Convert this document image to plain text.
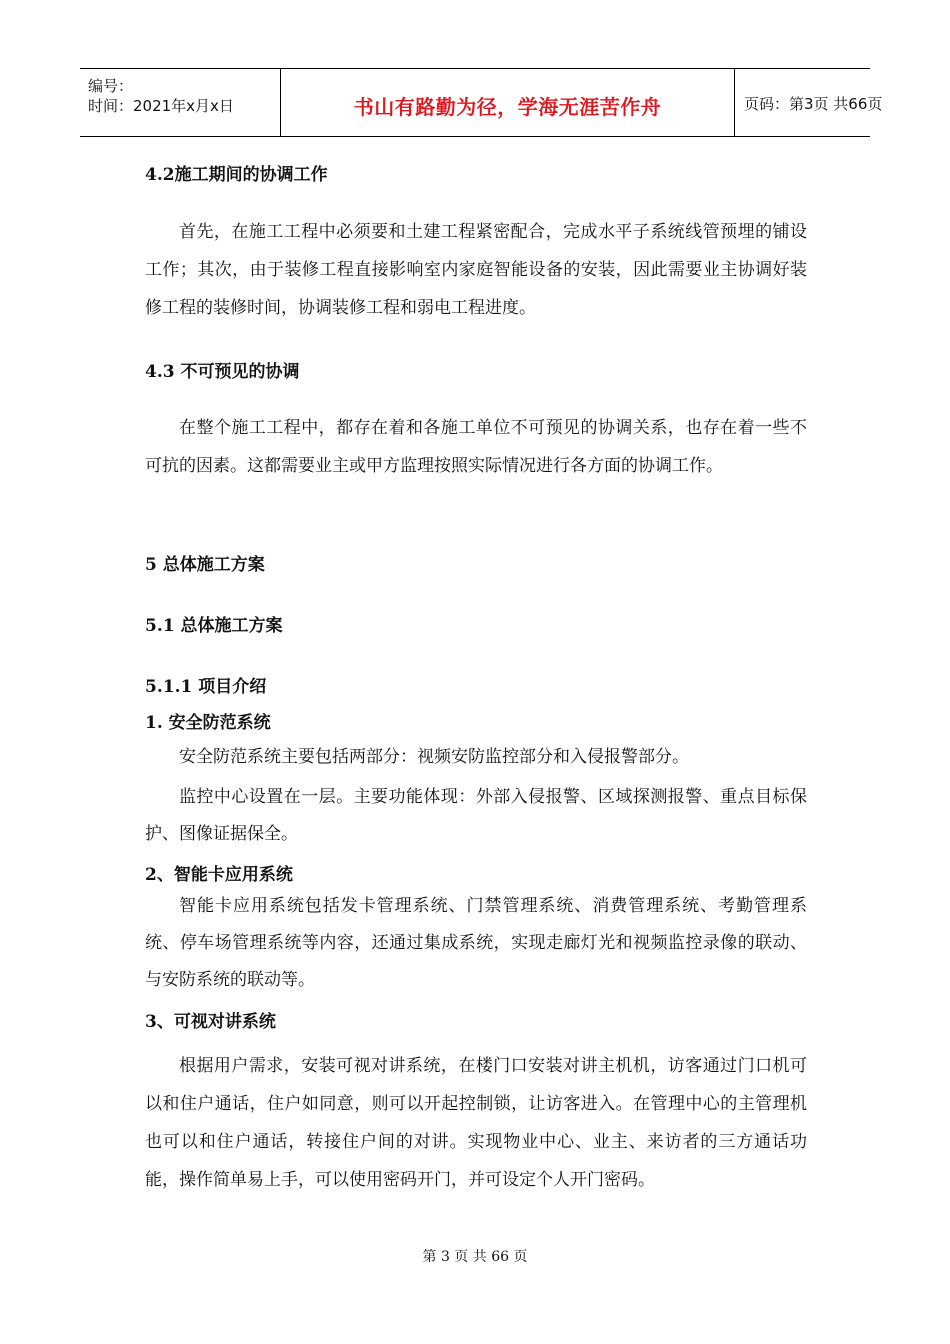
编号：
时间：2021年x月x日	书山有路勤为径，学海无涯苦作舟	页码：第3页 共66页
4.2施工期间的协调工作
首先，在施工工程中必须要和土建工程紧密配合，完成水平子系统线管预埋的铺设工作；其次，由于装修工程直接影响室内家庭智能设备的安装，因此需要业主协调好装修工程的装修时间，协调装修工程和弱电工程进度。
4.3 不可预见的协调
在整个施工工程中，都存在着和各施工单位不可预见的协调关系，也存在着一些不可抗的因素。这都需要业主或甲方监理按照实际情况进行各方面的协调工作。
5 总体施工方案
5.1 总体施工方案
5.1.1 项目介绍
1. 安全防范系统
安全防范系统主要包括两部分：视频安防监控部分和入侵报警部分。
监控中心设置在一层。主要功能体现：外部入侵报警、区域探测报警、重点目标保护、图像证据保全。
2、智能卡应用系统
智能卡应用系统包括发卡管理系统、门禁管理系统、消费管理系统、考勤管理系统、停车场管理系统等内容，还通过集成系统，实现走廊灯光和视频监控录像的联动、与安防系统的联动等。
3、可视对讲系统
根据用户需求，安装可视对讲系统，在楼门口安装对讲主机机，访客通过门口机可以和住户通话，住户如同意，则可以开起控制锁，让访客进入。在管理中心的主管理机也可以和住户通话，转接住户间的对讲。实现物业中心、业主、来访者的三方通话功能，操作简单易上手，可以使用密码开门，并可设定个人开门密码。
第 3 页 共 66 页
